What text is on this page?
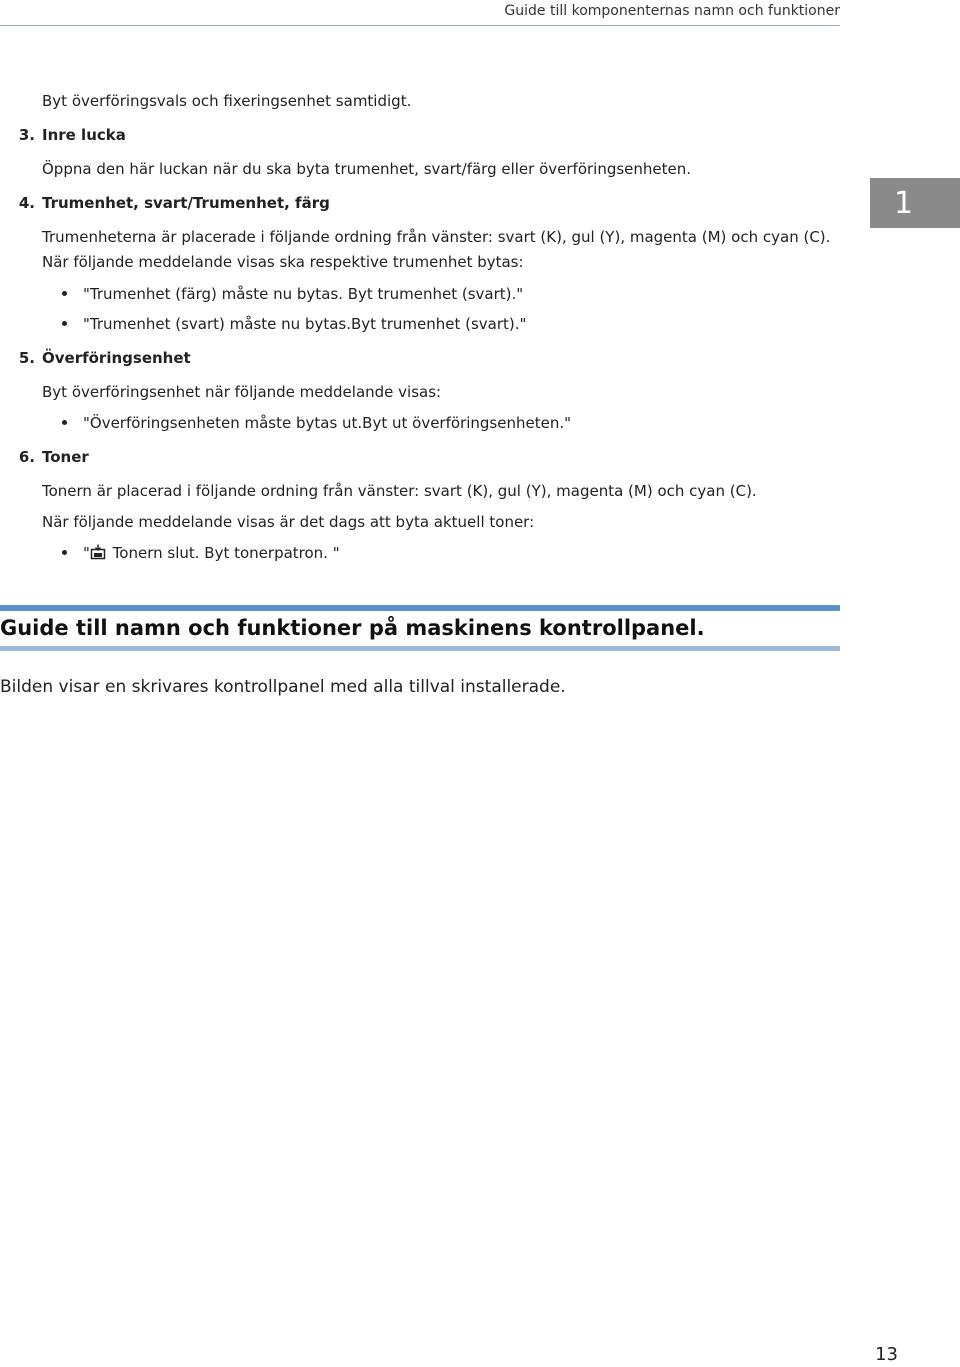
Guide till komponenternas namn och funktioner
1
Byt överföringsvals och fixeringsenhet samtidigt.
3. Inre lucka
Öppna den här luckan när du ska byta trumenhet, svart/färg eller överföringsenheten.
4. Trumenhet, svart/Trumenhet, färg
Trumenheterna är placerade i följande ordning från vänster: svart (K), gul (Y), magenta (M) och cyan (C).
När följande meddelande visas ska respektive trumenhet bytas:
"Trumenhet (färg) måste nu bytas. Byt trumenhet (svart)."
"Trumenhet (svart) måste nu bytas.Byt trumenhet (svart)."
5. Överföringsenhet
Byt överföringsenhet när följande meddelande visas:
"Överföringsenheten måste bytas ut.Byt ut överföringsenheten."
6. Toner
Tonern är placerad i följande ordning från vänster: svart (K), gul (Y), magenta (M) och cyan (C).
När följande meddelande visas är det dags att byta aktuell toner:
" Tonern slut. Byt tonerpatron. "
Guide till namn och funktioner på maskinens kontrollpanel.
Bilden visar en skrivares kontrollpanel med alla tillval installerade.
13
